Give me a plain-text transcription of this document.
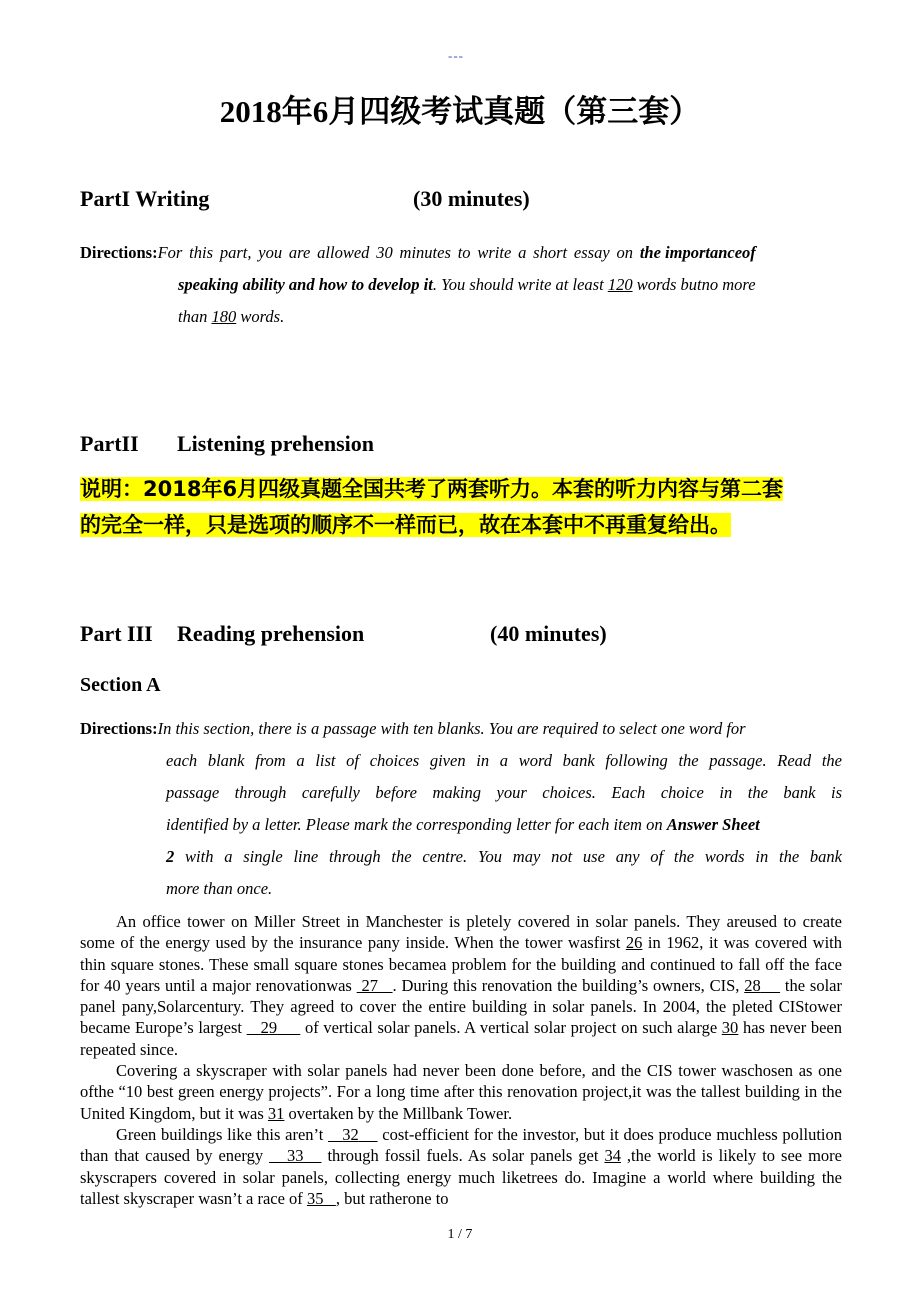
---
2018年6月四级考试真题（第三套）
PartI Writing	(30 minutes)
Directions:For this part, you are allowed 30 minutes to write a short essay on the importanceof
speaking ability and how to develop it. You should write at least 120 words butno more
than 180 words.
PartII Listening prehension
说明：2018年6月四级真题全国共考了两套听力。本套的听力内容与第二套
的完全一样，只是选项的顺序不一样而已，故在本套中不再重复给出。
Part III Reading prehension	(40 minutes)
Section A
Directions:In this section, there is a passage with ten blanks. You are required to select one word for
each blank from a list of choices given in a word bank following the passage. Read the
passage through carefully before making your choices. Each choice in the bank is
identified by a letter. Please mark the corresponding letter for each item on Answer Sheet
2 with a single line through the centre. You may not use any of the words in the bank
more than once.

An office tower on Miller Street in Manchester is pletely covered in solar panels. They areused to create some of the energy used by the insurance pany inside. When the tower wasfirst 26 in 1962, it was covered with thin square stones. These small square stones becamea problem for the building and continued to fall off the face for 40 years until a major renovationwas  27 . During this renovation the building’s owners, CIS, 28     the solar panel pany,Solarcentury. They agreed to cover the entire building in solar panels. In 2004, the pleted CIStower became Europe’s largest    29      of vertical solar panels. A vertical solar project on such alarge 30 has never been repeated since.

Covering a skyscraper with solar panels had never been done before, and the CIS tower waschosen as one ofthe “10 best green energy projects”. For a long time after this renovation project,it was the tallest building in the United Kingdom, but it was 31 overtaken by the Millbank Tower.

Green buildings like this aren’t    32     cost-efficient for the investor, but it does produce muchless pollution than that caused by energy    33    through fossil fuels. As solar panels get 34 ,the world is likely to see more skyscrapers covered in solar panels, collecting energy much liketrees do. Imagine a world where building the tallest skyscraper wasn’t a race of 35 , but ratherone to

1 / 7
